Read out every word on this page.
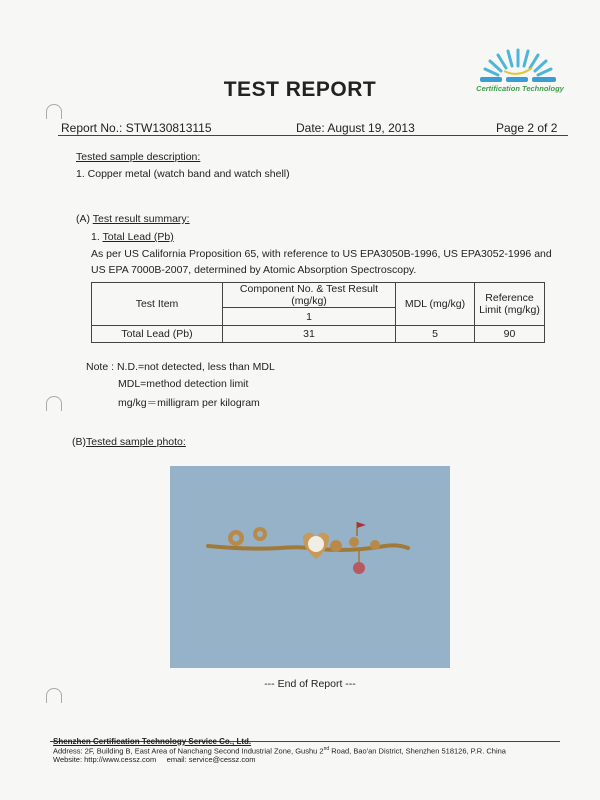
Certification Technology
TEST REPORT
Report No.: STW130813115	Date: August 19, 2013	Page 2 of 2
Tested sample description:
1. Copper metal (watch band and watch shell)
(A) Test result summary:
1. Total Lead (Pb)
As per US California Proposition 65, with reference to US EPA3050B-1996, US EPA3052-1996 and
US EPA 7000B-2007, determined by Atomic Absorption Spectroscopy.
Test Item	Component No. & Test Result (mg/kg)	MDL (mg/kg)	Reference Limit (mg/kg)
	1		
Total Lead (Pb)	31	5	90
Note : N.D.=not detected, less than MDL
MDL=method detection limit
mg/kg＝milligram per kilogram
(B)Tested sample photo:
--- End of Report ---
Shenzhen Certification Technology Service Co., Ltd.
Address: 2F, Building B, East Area of Nanchang Second Industrial Zone, Gushu 2nd Road, Bao'an District, Shenzhen 518126, P.R. China
Website: http://www.cessz.com email: service@cessz.com
